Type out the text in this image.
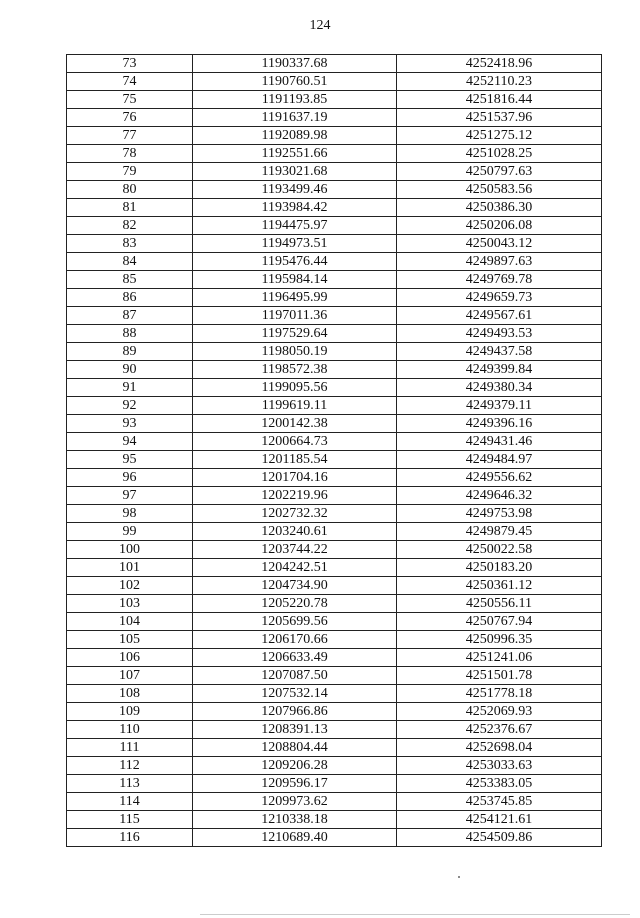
124
73	1190337.68	4252418.96
74	1190760.51	4252110.23
75	1191193.85	4251816.44
76	1191637.19	4251537.96
77	1192089.98	4251275.12
78	1192551.66	4251028.25
79	1193021.68	4250797.63
80	1193499.46	4250583.56
81	1193984.42	4250386.30
82	1194475.97	4250206.08
83	1194973.51	4250043.12
84	1195476.44	4249897.63
85	1195984.14	4249769.78
86	1196495.99	4249659.73
87	1197011.36	4249567.61
88	1197529.64	4249493.53
89	1198050.19	4249437.58
90	1198572.38	4249399.84
91	1199095.56	4249380.34
92	1199619.11	4249379.11
93	1200142.38	4249396.16
94	1200664.73	4249431.46
95	1201185.54	4249484.97
96	1201704.16	4249556.62
97	1202219.96	4249646.32
98	1202732.32	4249753.98
99	1203240.61	4249879.45
100	1203744.22	4250022.58
101	1204242.51	4250183.20
102	1204734.90	4250361.12
103	1205220.78	4250556.11
104	1205699.56	4250767.94
105	1206170.66	4250996.35
106	1206633.49	4251241.06
107	1207087.50	4251501.78
108	1207532.14	4251778.18
109	1207966.86	4252069.93
110	1208391.13	4252376.67
111	1208804.44	4252698.04
112	1209206.28	4253033.63
113	1209596.17	4253383.05
114	1209973.62	4253745.85
115	1210338.18	4254121.61
116	1210689.40	4254509.86
